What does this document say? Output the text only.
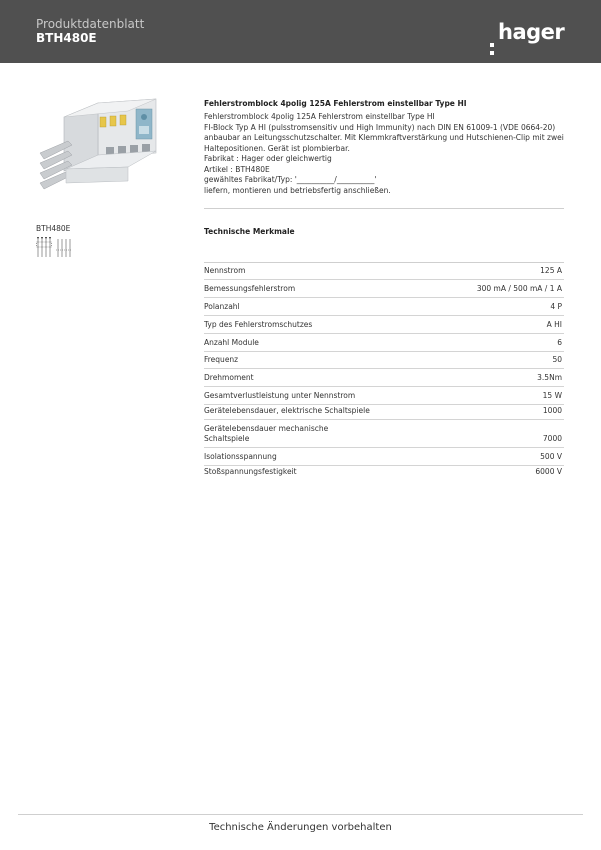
Produktdatenblatt
BTH480E	hager
BTH480E
Fehlerstromblock 4polig 125A Fehlerstrom einstellbar Type HI
Fehlerstromblock 4polig 125A Fehlerstrom einstellbar Type HI
FI-Block Typ A HI (pulsstromsensitiv und High Immunity) nach DIN EN 61009-1 (VDE 0664-20)
anbaubar an Leitungsschutzschalter. Mit Klemmkraftverstärkung und Hutschienen-Clip mit zwei
Haltepositionen. Gerät ist plombierbar.
Fabrikat : Hager oder gleichwertig
Artikel : BTH480E
gewähltes Fabrikat/Typ: '__________/__________'
liefern, montieren und betriebsfertig anschließen.
Technische Merkmale
Nennstrom	125 A
Bemessungsfehlerstrom	300 mA / 500 mA / 1 A
Polanzahl	4 P
Typ des Fehlerstromschutzes	A HI
Anzahl Module	6
Frequenz	50
Drehmoment	3.5Nm
Gesamtverlustleistung unter Nennstrom	15 W
Gerätelebensdauer, elektrische Schaltspiele	1000
Gerätelebensdauer mechanische
Schaltspiele	7000
Isolationsspannung	500 V
Stoßspannungsfestigkeit	6000 V
Technische Änderungen vorbehalten
